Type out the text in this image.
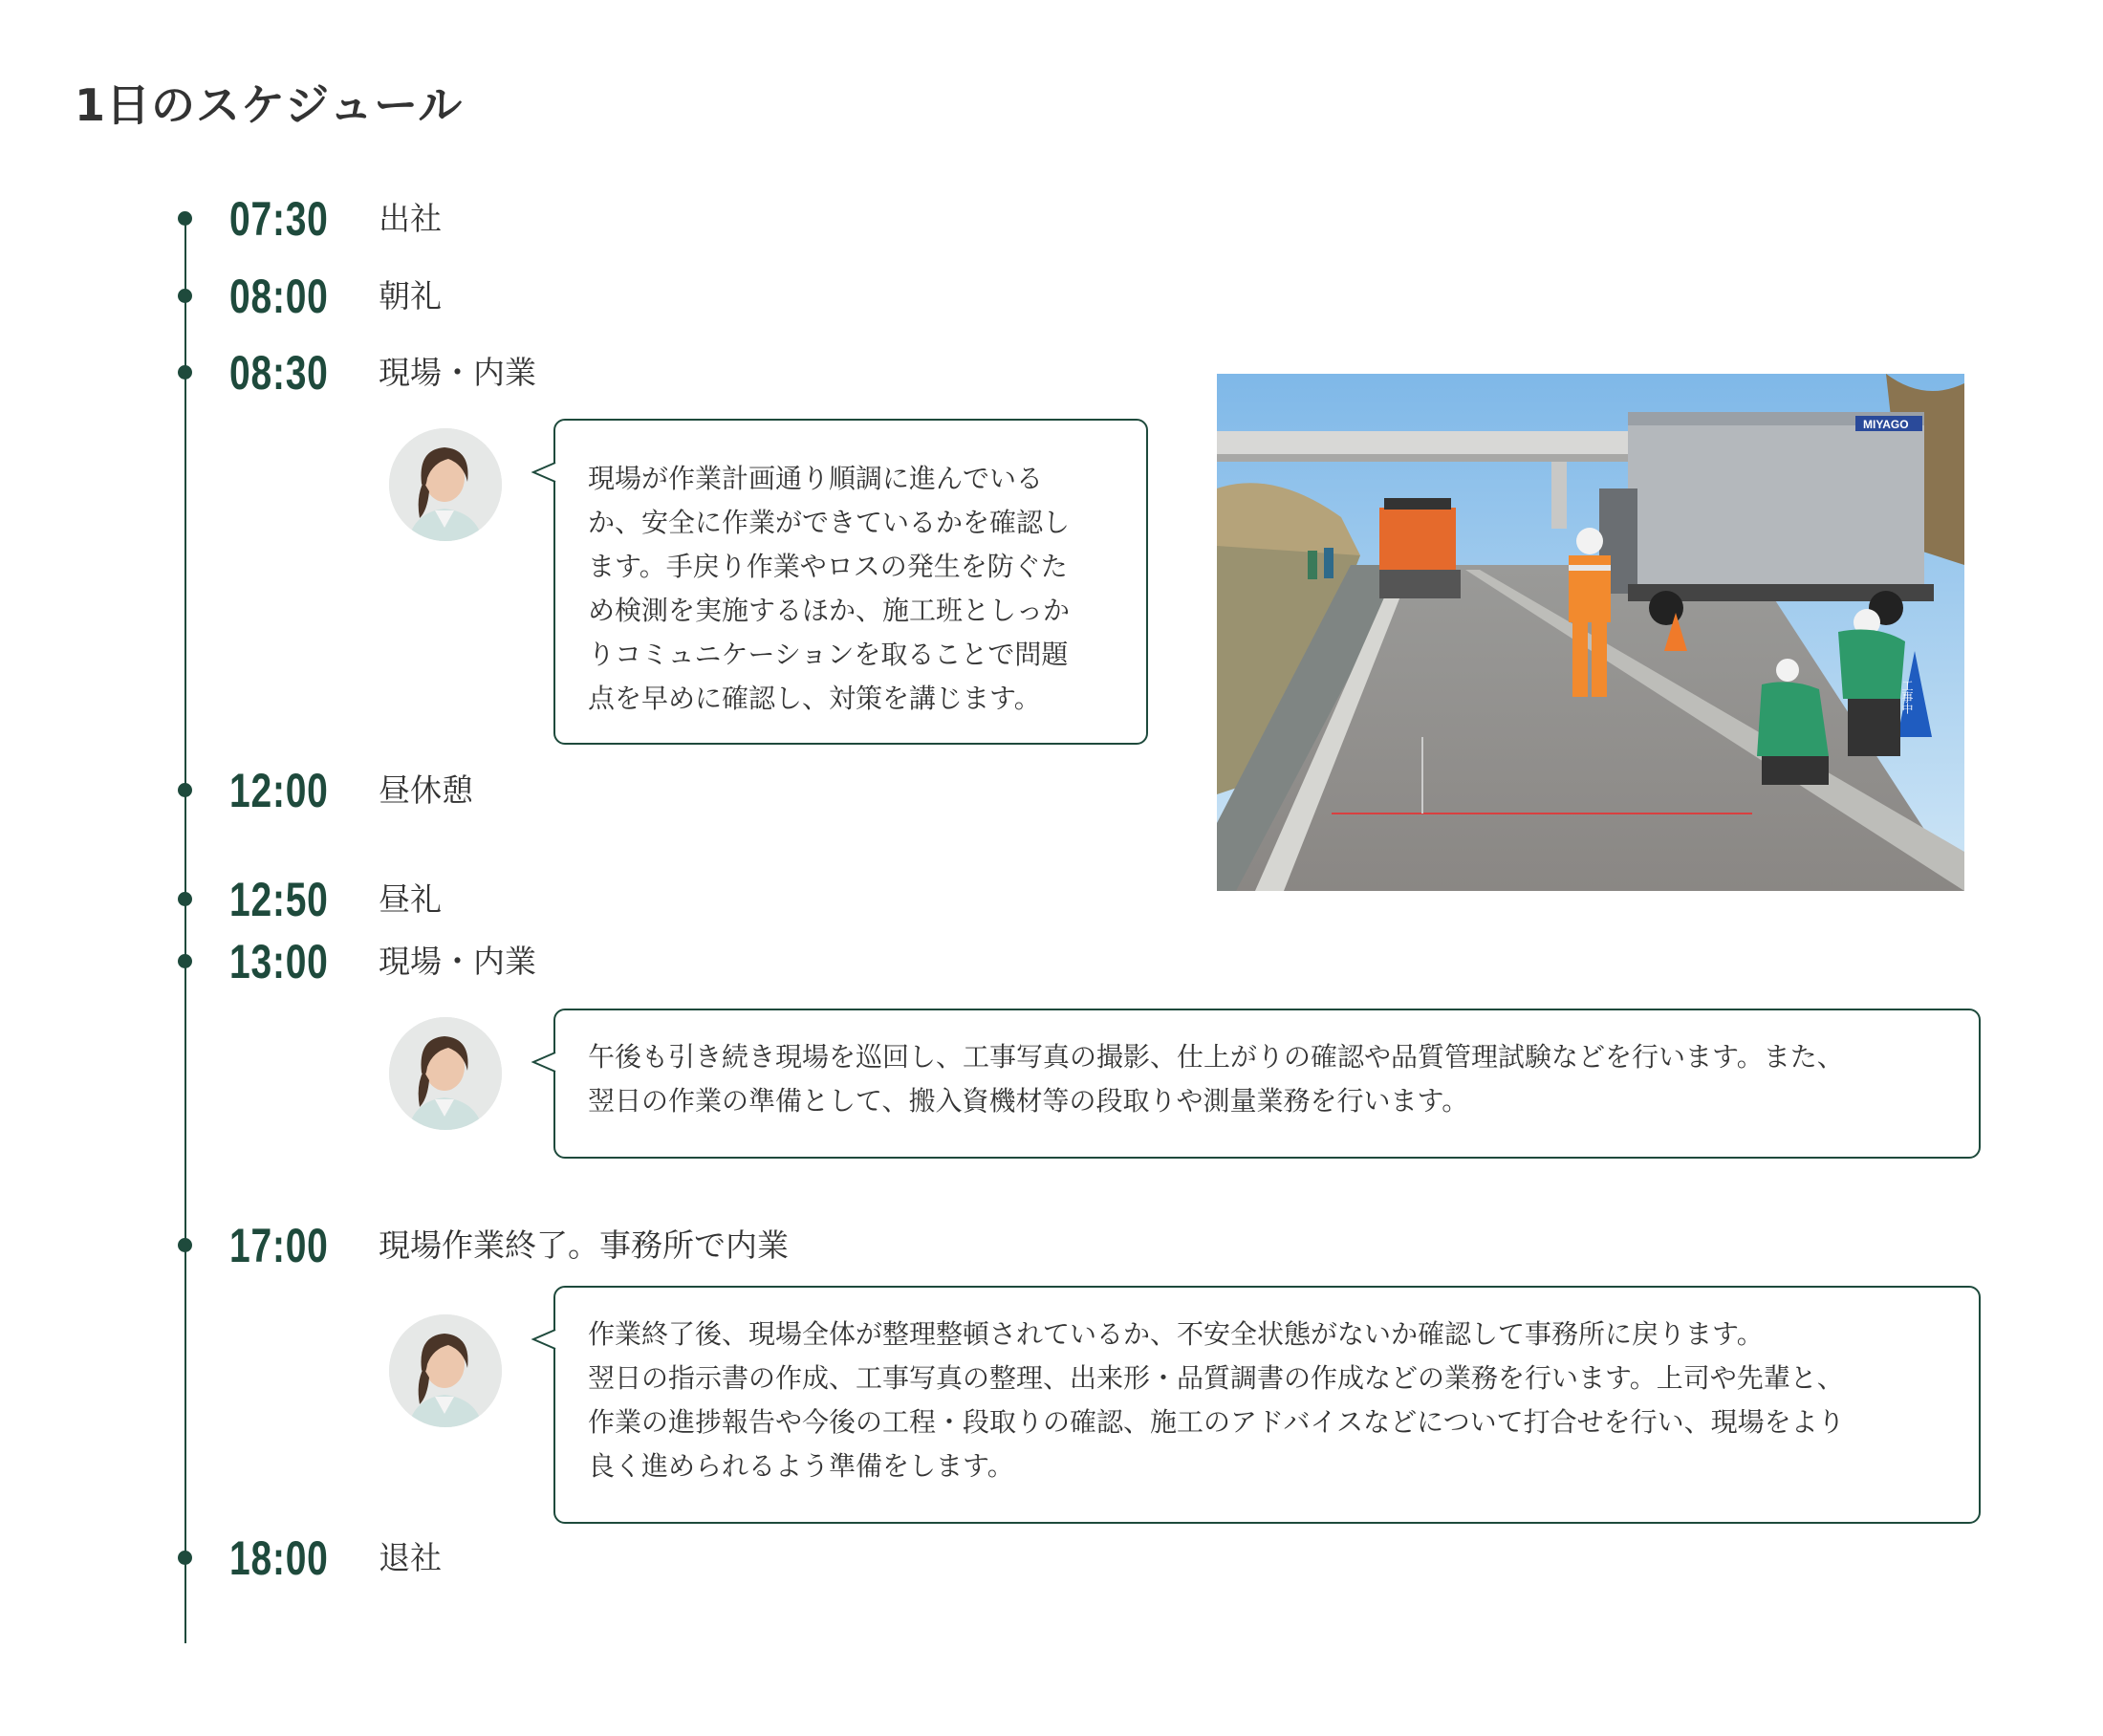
1日のスケジュール
07:30 出社
08:00 朝礼
08:30 現場・内業
12:00 昼休憩
12:50 昼礼
13:00 現場・内業
17:00 現場作業終了。事務所で内業
18:00 退社

現場が作業計画通り順調に進んでいる
か、安全に作業ができているかを確認し
ます。手戻り作業やロスの発生を防ぐた
め検測を実施するほか、施工班としっか
りコミュニケーションを取ることで問題
点を早めに確認し、対策を講じます。

午後も引き続き現場を巡回し、工事写真の撮影、仕上がりの確認や品質管理試験などを行います。また、
翌日の作業の準備として、搬入資機材等の段取りや測量業務を行います。

作業終了後、現場全体が整理整頓されているか、不安全状態がないか確認して事務所に戻ります。
翌日の指示書の作成、工事写真の整理、出来形・品質調書の作成などの業務を行います。上司や先輩と、
作業の進捗報告や今後の工程・段取りの確認、施工のアドバイスなどについて打合せを行い、現場をより
良く進められるよう準備をします。

MIYAGO
工事中
